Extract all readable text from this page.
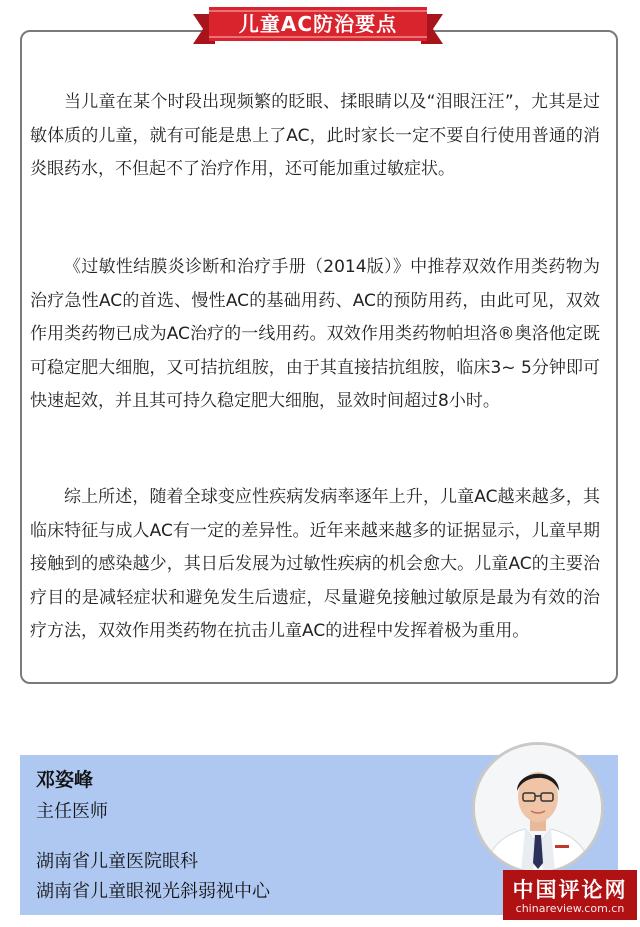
儿童AC防治要点

当儿童在某个时段出现频繁的眨眼、揉眼睛以及“泪眼汪汪”，尤其是过敏体质的儿童，就有可能是患上了AC，此时家长一定不要自行使用普通的消炎眼药水，不但起不了治疗作用，还可能加重过敏症状。

《过敏性结膜炎诊断和治疗手册（2014版）》中推荐双效作用类药物为治疗急性AC的首选、慢性AC的基础用药、AC的预防用药，由此可见，双效作用类药物已成为AC治疗的一线用药。双效作用类药物帕坦洛®奥洛他定既可稳定肥大细胞，又可拮抗组胺，由于其直接拮抗组胺，临床3~ 5分钟即可快速起效，并且其可持久稳定肥大细胞，显效时间超过8小时。

综上所述，随着全球变应性疾病发病率逐年上升，儿童AC越来越多，其临床特征与成人AC有一定的差异性。近年来越来越多的证据显示，儿童早期接触到的感染越少，其日后发展为过敏性疾病的机会愈大。儿童AC的主要治疗目的是减轻症状和避免发生后遗症，尽量避免接触过敏原是最为有效的治疗方法，双效作用类药物在抗击儿童AC的进程中发挥着极为重用。

邓姿峰
主任医师
湖南省儿童医院眼科
湖南省儿童眼视光斜弱视中心	中国评论网
chinareview.com.cn
